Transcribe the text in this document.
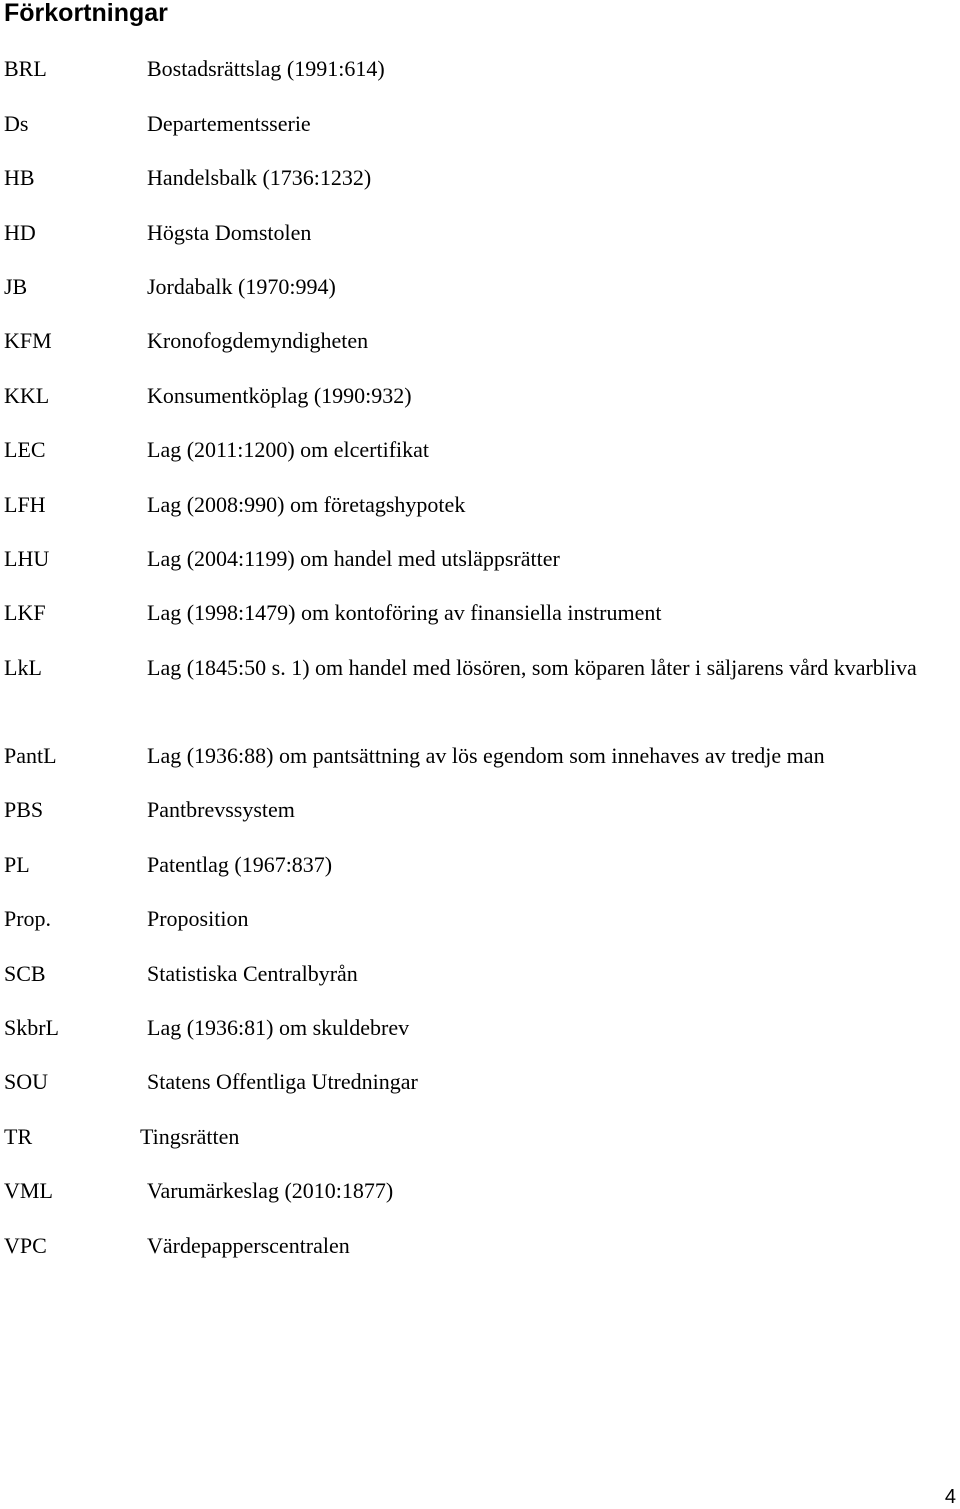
Förkortningar
BRL	Bostadsrättslag (1991:614)
Ds	Departementsserie
HB	Handelsbalk (1736:1232)
HD	Högsta Domstolen
JB	Jordabalk (1970:994)
KFM	Kronofogdemyndigheten
KKL	Konsumentköplag (1990:932)
LEC	Lag (2011:1200) om elcertifikat
LFH	Lag (2008:990) om företagshypotek
LHU	Lag (2004:1199) om handel med utsläppsrätter
LKF	Lag (1998:1479) om kontoföring av finansiella instrument
LkL	Lag (1845:50 s. 1) om handel med lösören, som köparen låter i säljarens vård kvarbliva
PantL	Lag (1936:88) om pantsättning av lös egendom som innehaves av tredje man
PBS	Pantbrevssystem
PL	Patentlag (1967:837)
Prop.	Proposition
SCB	Statistiska Centralbyrån
SkbrL	Lag (1936:81) om skuldebrev
SOU	Statens Offentliga Utredningar
TR	Tingsrätten
VML	Varumärkeslag (2010:1877)
VPC	Värdepapperscentralen
4
